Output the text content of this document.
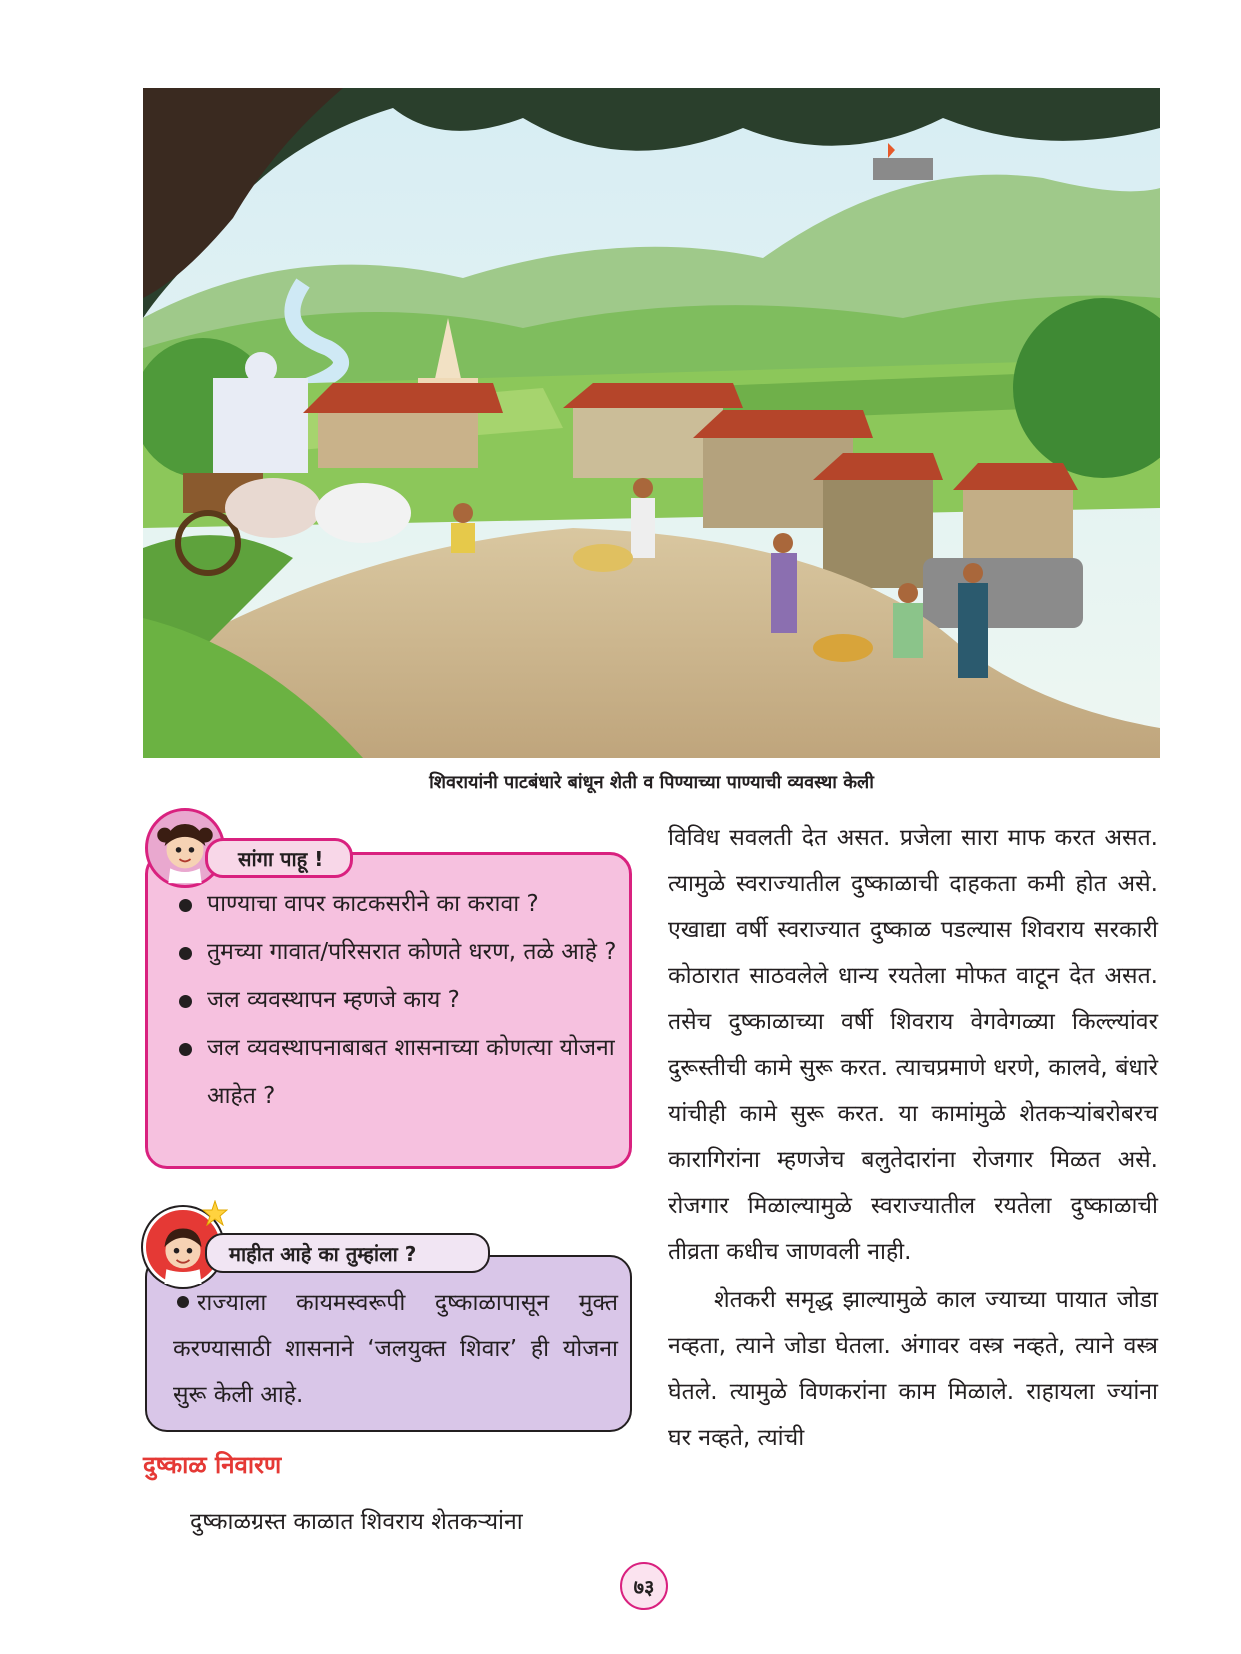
शिवरायांनी पाटबंधारे बांधून शेती व पिण्याच्या पाण्याची व्यवस्था केली
सांगा पाहू !
पाण्याचा वापर काटकसरीने का करावा ?
तुमच्या गावात/परिसरात कोणते धरण, तळे आहे ?
जल व्यवस्थापन म्हणजे काय ?
जल व्यवस्थापनाबाबत शासनाच्या कोणत्या योजना आहेत ?
माहीत आहे का तुम्हांला ?
राज्याला कायमस्वरूपी दुष्काळापासून मुक्त करण्यासाठी शासनाने ‘जलयुक्त शिवार’ ही योजना सुरू केली आहे.
दुष्काळ निवारण
दुष्काळग्रस्त काळात शिवराय शेतकऱ्यांना

विविध सवलती देत असत. प्रजेला सारा माफ करत असत. त्यामुळे स्वराज्यातील दुष्काळाची दाहकता कमी होत असे. एखाद्या वर्षी स्वराज्यात दुष्काळ पडल्यास शिवराय सरकारी कोठारात साठवलेले धान्य रयतेला मोफत वाटून देत असत. तसेच दुष्काळाच्या वर्षी शिवराय वेगवेगळ्या किल्ल्यांवर दुरूस्तीची कामे सुरू करत. त्याचप्रमाणे धरणे, कालवे, बंधारे यांचीही कामे सुरू करत. या कामांमुळे शेतकऱ्यांबरोबरच कारागिरांना म्हणजेच बलुतेदारांना रोजगार मिळत असे. रोजगार मिळाल्यामुळे स्वराज्यातील रयतेला दुष्काळाची तीव्रता कधीच जाणवली नाही.

शेतकरी समृद्ध झाल्यामुळे काल ज्याच्या पायात जोडा नव्हता, त्याने जोडा घेतला. अंगावर वस्त्र नव्हते, त्याने वस्त्र घेतले. त्यामुळे विणकरांना काम मिळाले. राहायला ज्यांना घर नव्हते, त्यांची

७३
